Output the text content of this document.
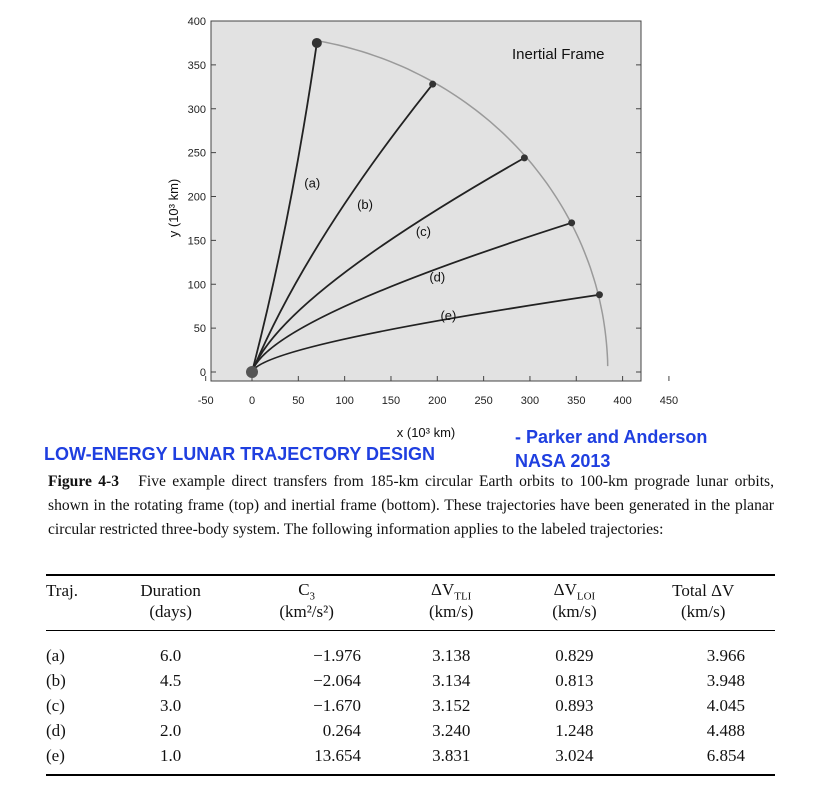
-50	0	50	100	150	200	250	300	350	400	450
400
350
300
250
200
150
100
50
0
(a)
(b)
(c)
(d)
(e)
Inertial Frame
x (10³ km)
y (10³ km)
LOW-ENERGY LUNAR TRAJECTORY DESIGN
- Parker and Anderson
NASA 2013
Figure 4-3 Five example direct transfers from 185-km circular Earth orbits to 100-km prograde lunar orbits, shown in the rotating frame (top) and inertial frame (bottom). These trajectories have been generated in the planar circular restricted three-body system. The following information applies to the labeled trajectories:
Traj.	Duration	$C_3$	$\Delta V_{TLI}$	$\Delta V_{LOI}$	Total ΔV
	(days)	(km²/s²)	(km/s)	(km/s)	(km/s)
(a)	6.0	−1.976	3.138	0.829	3.966
(b)	4.5	−2.064	3.134	0.813	3.948
(c)	3.0	−1.670	3.152	0.893	4.045
(d)	2.0	0.264	3.240	1.248	4.488
(e)	1.0	13.654	3.831	3.024	6.854
